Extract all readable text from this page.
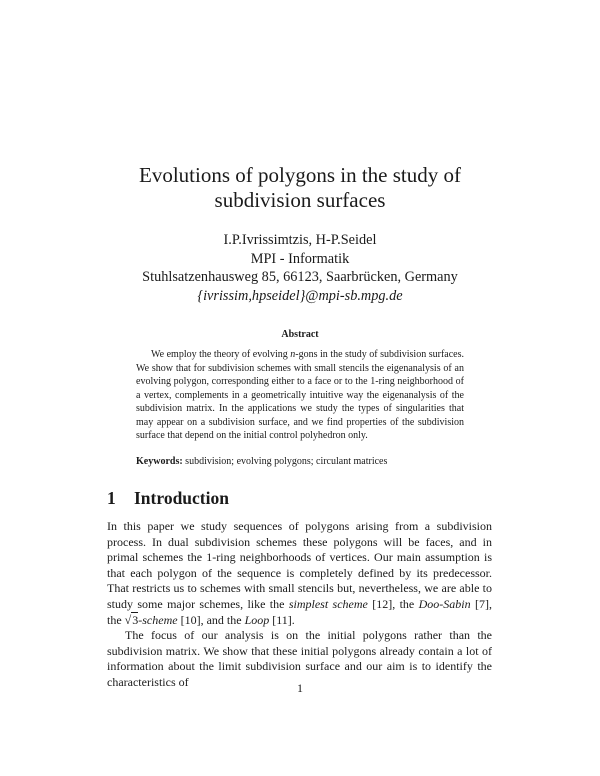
Evolutions of polygons in the study of
subdivision surfaces
I.P.Ivrissimtzis, H-P.Seidel
MPI - Informatik
Stuhlsatzenhausweg 85, 66123, Saarbrücken, Germany
{ivrissim,hpseidel}@mpi-sb.mpg.de
Abstract
We employ the theory of evolving n-gons in the study of subdivision surfaces. We show that for subdivision schemes with small stencils the eigenanalysis of an evolving polygon, corresponding either to a face or to the 1-ring neighborhood of a vertex, complements in a geometrically intuitive way the eigenanalysis of the subdivision matrix. In the applications we study the types of singularities that may appear on a subdivision surface, and we find properties of the subdivision surface that depend on the initial control polyhedron only.
Keywords: subdivision; evolving polygons; circulant matrices
1 Introduction

In this paper we study sequences of polygons arising from a subdivision process. In dual subdivision schemes these polygons will be faces, and in primal schemes the 1-ring neighborhoods of vertices. Our main assumption is that each polygon of the sequence is completely defined by its predecessor. That restricts us to schemes with small stencils but, nevertheless, we are able to study some major schemes, like the simplest scheme [12], the Doo-Sabin [7], the √3-scheme [10], and the Loop [11].

The focus of our analysis is on the initial polygons rather than the subdivision matrix. We show that these initial polygons already contain a lot of information about the limit subdivision surface and our aim is to identify the characteristics of	1
